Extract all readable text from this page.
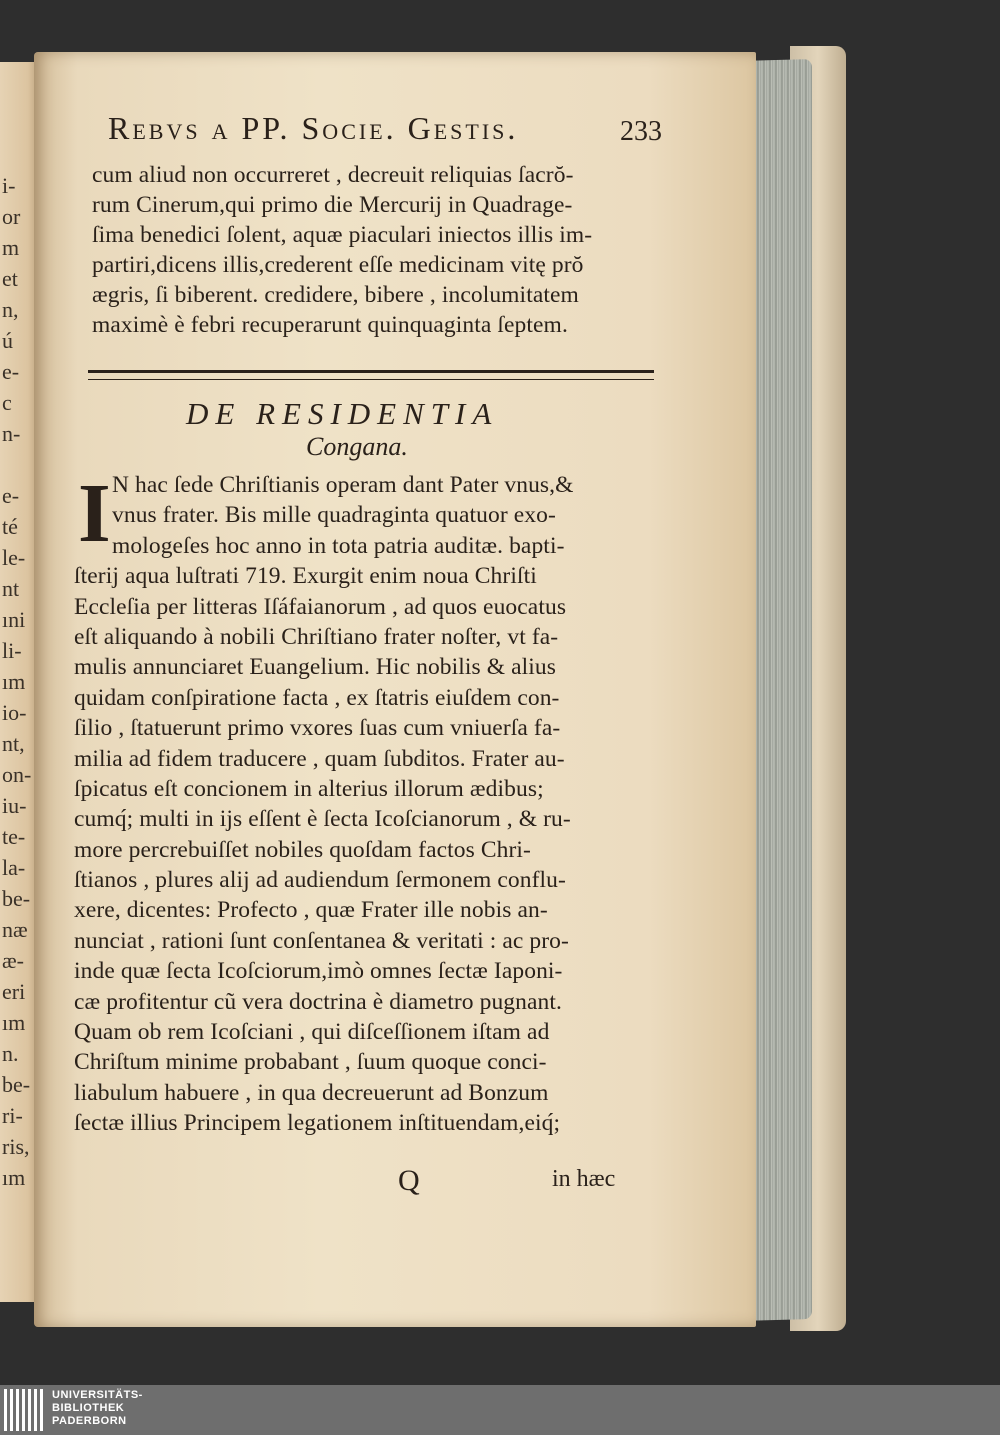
i-
or
m
et
n,
ú
e-
c
n-
e-
té
le-
nt
ıni
li-
ım
io-
nt,
on-
iu-
te-
la-
be-
næ
æ-
eri
ım
n.
be-
ri-
ris,
ım
Rebvs a PP. Socie. Gestis.	233
cum aliud non occurreret , decreuit reliquias ſacrŏ-
rum Cinerum,qui primo die Mercurij in Quadrage-
ſima benedici ſolent, aquæ piaculari iniectos illis im-
partiri,dicens illis,crederent eſſe medicinam vitę prŏ
ægris, ſi biberent. credidere, bibere , incolumitatem
maximè è febri recuperarunt quinquaginta ſeptem.
DE RESIDENTIA
Congana.
I N hac ſede Chriſtianis operam dant Pater vnus,&
vnus frater. Bis mille quadraginta quatuor exo-
mologeſes hoc anno in tota patria auditæ. bapti-
ſterij aqua luſtrati 719. Exurgit enim noua Chriſti
Eccleſia per litteras Iſáfaianorum , ad quos euocatus
eſt aliquando à nobili Chriſtiano frater noſter, vt fa-
mulis annunciaret Euangelium. Hic nobilis & alius
quidam conſpiratione facta , ex ſtatris eiuſdem con-
ſilio , ſtatuerunt primo vxores ſuas cum vniuerſa fa-
milia ad fidem traducere , quam ſubditos. Frater au-
ſpicatus eſt concionem in alterius illorum ædibus;
cumq́; multi in ijs eſſent è ſecta Icoſcianorum , & ru-
more percrebuiſſet nobiles quoſdam factos Chri-
ſtianos , plures alij ad audiendum ſermonem conflu-
xere, dicentes: Profecto , quæ Frater ille nobis an-
nunciat , rationi ſunt conſentanea & veritati : ac pro-
inde quæ ſecta Icoſciorum,imò omnes ſectæ Iaponi-
cæ profitentur cũ vera doctrina è diametro pugnant.
Quam ob rem Icoſciani , qui diſceſſionem iſtam ad
Chriſtum minime probabant , ſuum quoque conci-
liabulum habuere , in qua decreuerunt ad Bonzum
ſectæ illius Principem legationem inſtituendam,eiq́;
Q	in hæc
UNIVERSITÄTS-
BIBLIOTHEK
PADERBORN
